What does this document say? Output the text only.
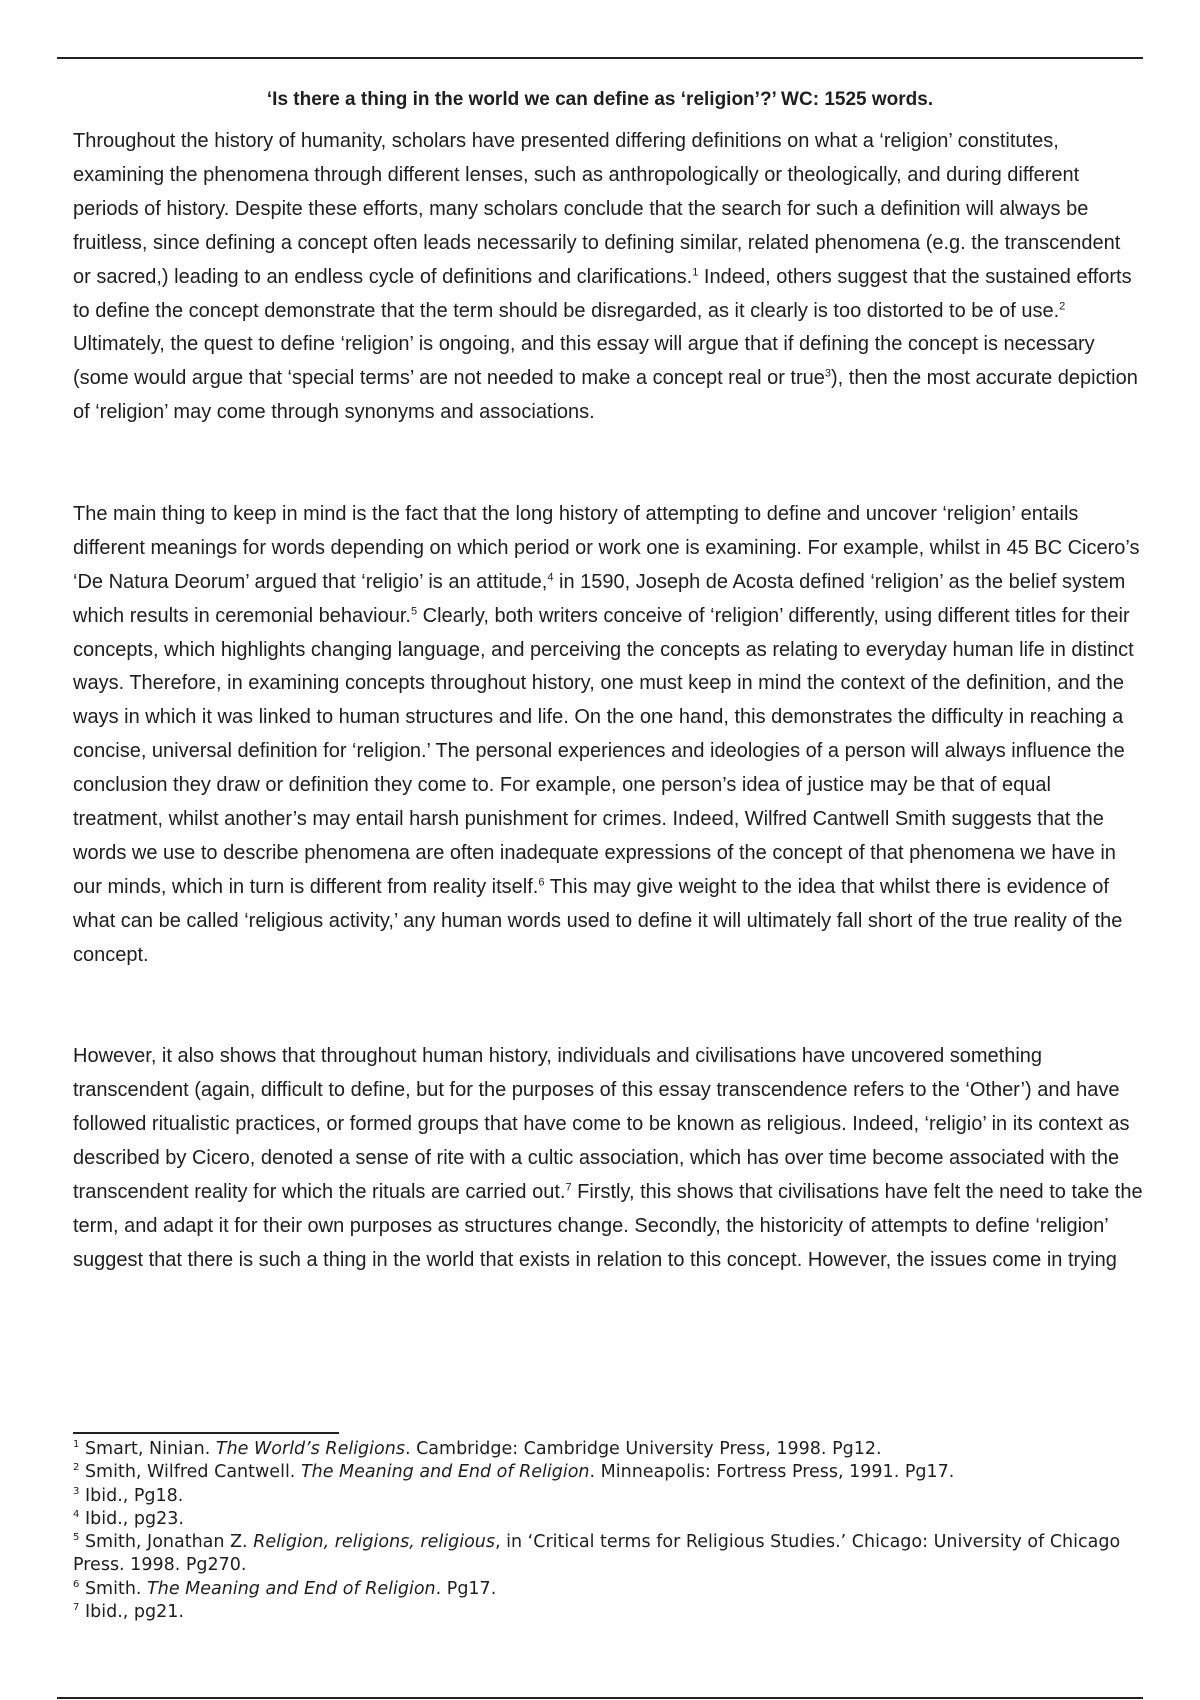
‘Is there a thing in the world we can define as ‘religion’?’ WC: 1525 words.

Throughout the history of humanity, scholars have presented differing definitions on what a ‘religion’ constitutes, examining the phenomena through different lenses, such as anthropologically or theologically, and during different periods of history. Despite these efforts, many scholars conclude that the search for such a definition will always be fruitless, since defining a concept often leads necessarily to defining similar, related phenomena (e.g. the transcendent or sacred,) leading to an endless cycle of definitions and clarifications.$^1$ Indeed, others suggest that the sustained efforts to define the concept demonstrate that the term should be disregarded, as it clearly is too distorted to be of use.$^2$ Ultimately, the quest to define ‘religion’ is ongoing, and this essay will argue that if defining the concept is necessary (some would argue that ‘special terms’ are not needed to make a concept real or true$^3$), then the most accurate depiction of ‘religion’ may come through synonyms and associations.

The main thing to keep in mind is the fact that the long history of attempting to define and uncover ‘religion’ entails different meanings for words depending on which period or work one is examining. For example, whilst in 45 BC Cicero’s ‘De Natura Deorum’ argued that ‘religio’ is an attitude,$^4$ in 1590, Joseph de Acosta defined ‘religion’ as the belief system which results in ceremonial behaviour.$^5$ Clearly, both writers conceive of ‘religion’ differently, using different titles for their concepts, which highlights changing language, and perceiving the concepts as relating to everyday human life in distinct ways. Therefore, in examining concepts throughout history, one must keep in mind the context of the definition, and the ways in which it was linked to human structures and life. On the one hand, this demonstrates the difficulty in reaching a concise, universal definition for ‘religion.’ The personal experiences and ideologies of a person will always influence the conclusion they draw or definition they come to. For example, one person’s idea of justice may be that of equal treatment, whilst another’s may entail harsh punishment for crimes. Indeed, Wilfred Cantwell Smith suggests that the words we use to describe phenomena are often inadequate expressions of the concept of that phenomena we have in our minds, which in turn is different from reality itself.$^6$ This may give weight to the idea that whilst there is evidence of what can be called ‘religious activity,’ any human words used to define it will ultimately fall short of the true reality of the concept.

However, it also shows that throughout human history, individuals and civilisations have uncovered something transcendent (again, difficult to define, but for the purposes of this essay transcendence refers to the ‘Other’) and have followed ritualistic practices, or formed groups that have come to be known as religious. Indeed, ‘religio’ in its context as described by Cicero, denoted a sense of rite with a cultic association, which has over time become associated with the transcendent reality for which the rituals are carried out.$^7$ Firstly, this shows that civilisations have felt the need to take the term, and adapt it for their own purposes as structures change. Secondly, the historicity of attempts to define ‘religion’ suggest that there is such a thing in the world that exists in relation to this concept. However, the issues come in trying

$^1$ Smart, Ninian. The World’s Religions. Cambridge: Cambridge University Press, 1998. Pg12.

$^2$ Smith, Wilfred Cantwell. The Meaning and End of Religion. Minneapolis: Fortress Press, 1991. Pg17.

$^3$ Ibid., Pg18.

$^4$ Ibid., pg23.

$^5$ Smith, Jonathan Z. Religion, religions, religious, in ‘Critical terms for Religious Studies.’ Chicago: University of Chicago Press. 1998. Pg270.

$^6$ Smith. The Meaning and End of Religion. Pg17.

$^7$ Ibid., pg21.
